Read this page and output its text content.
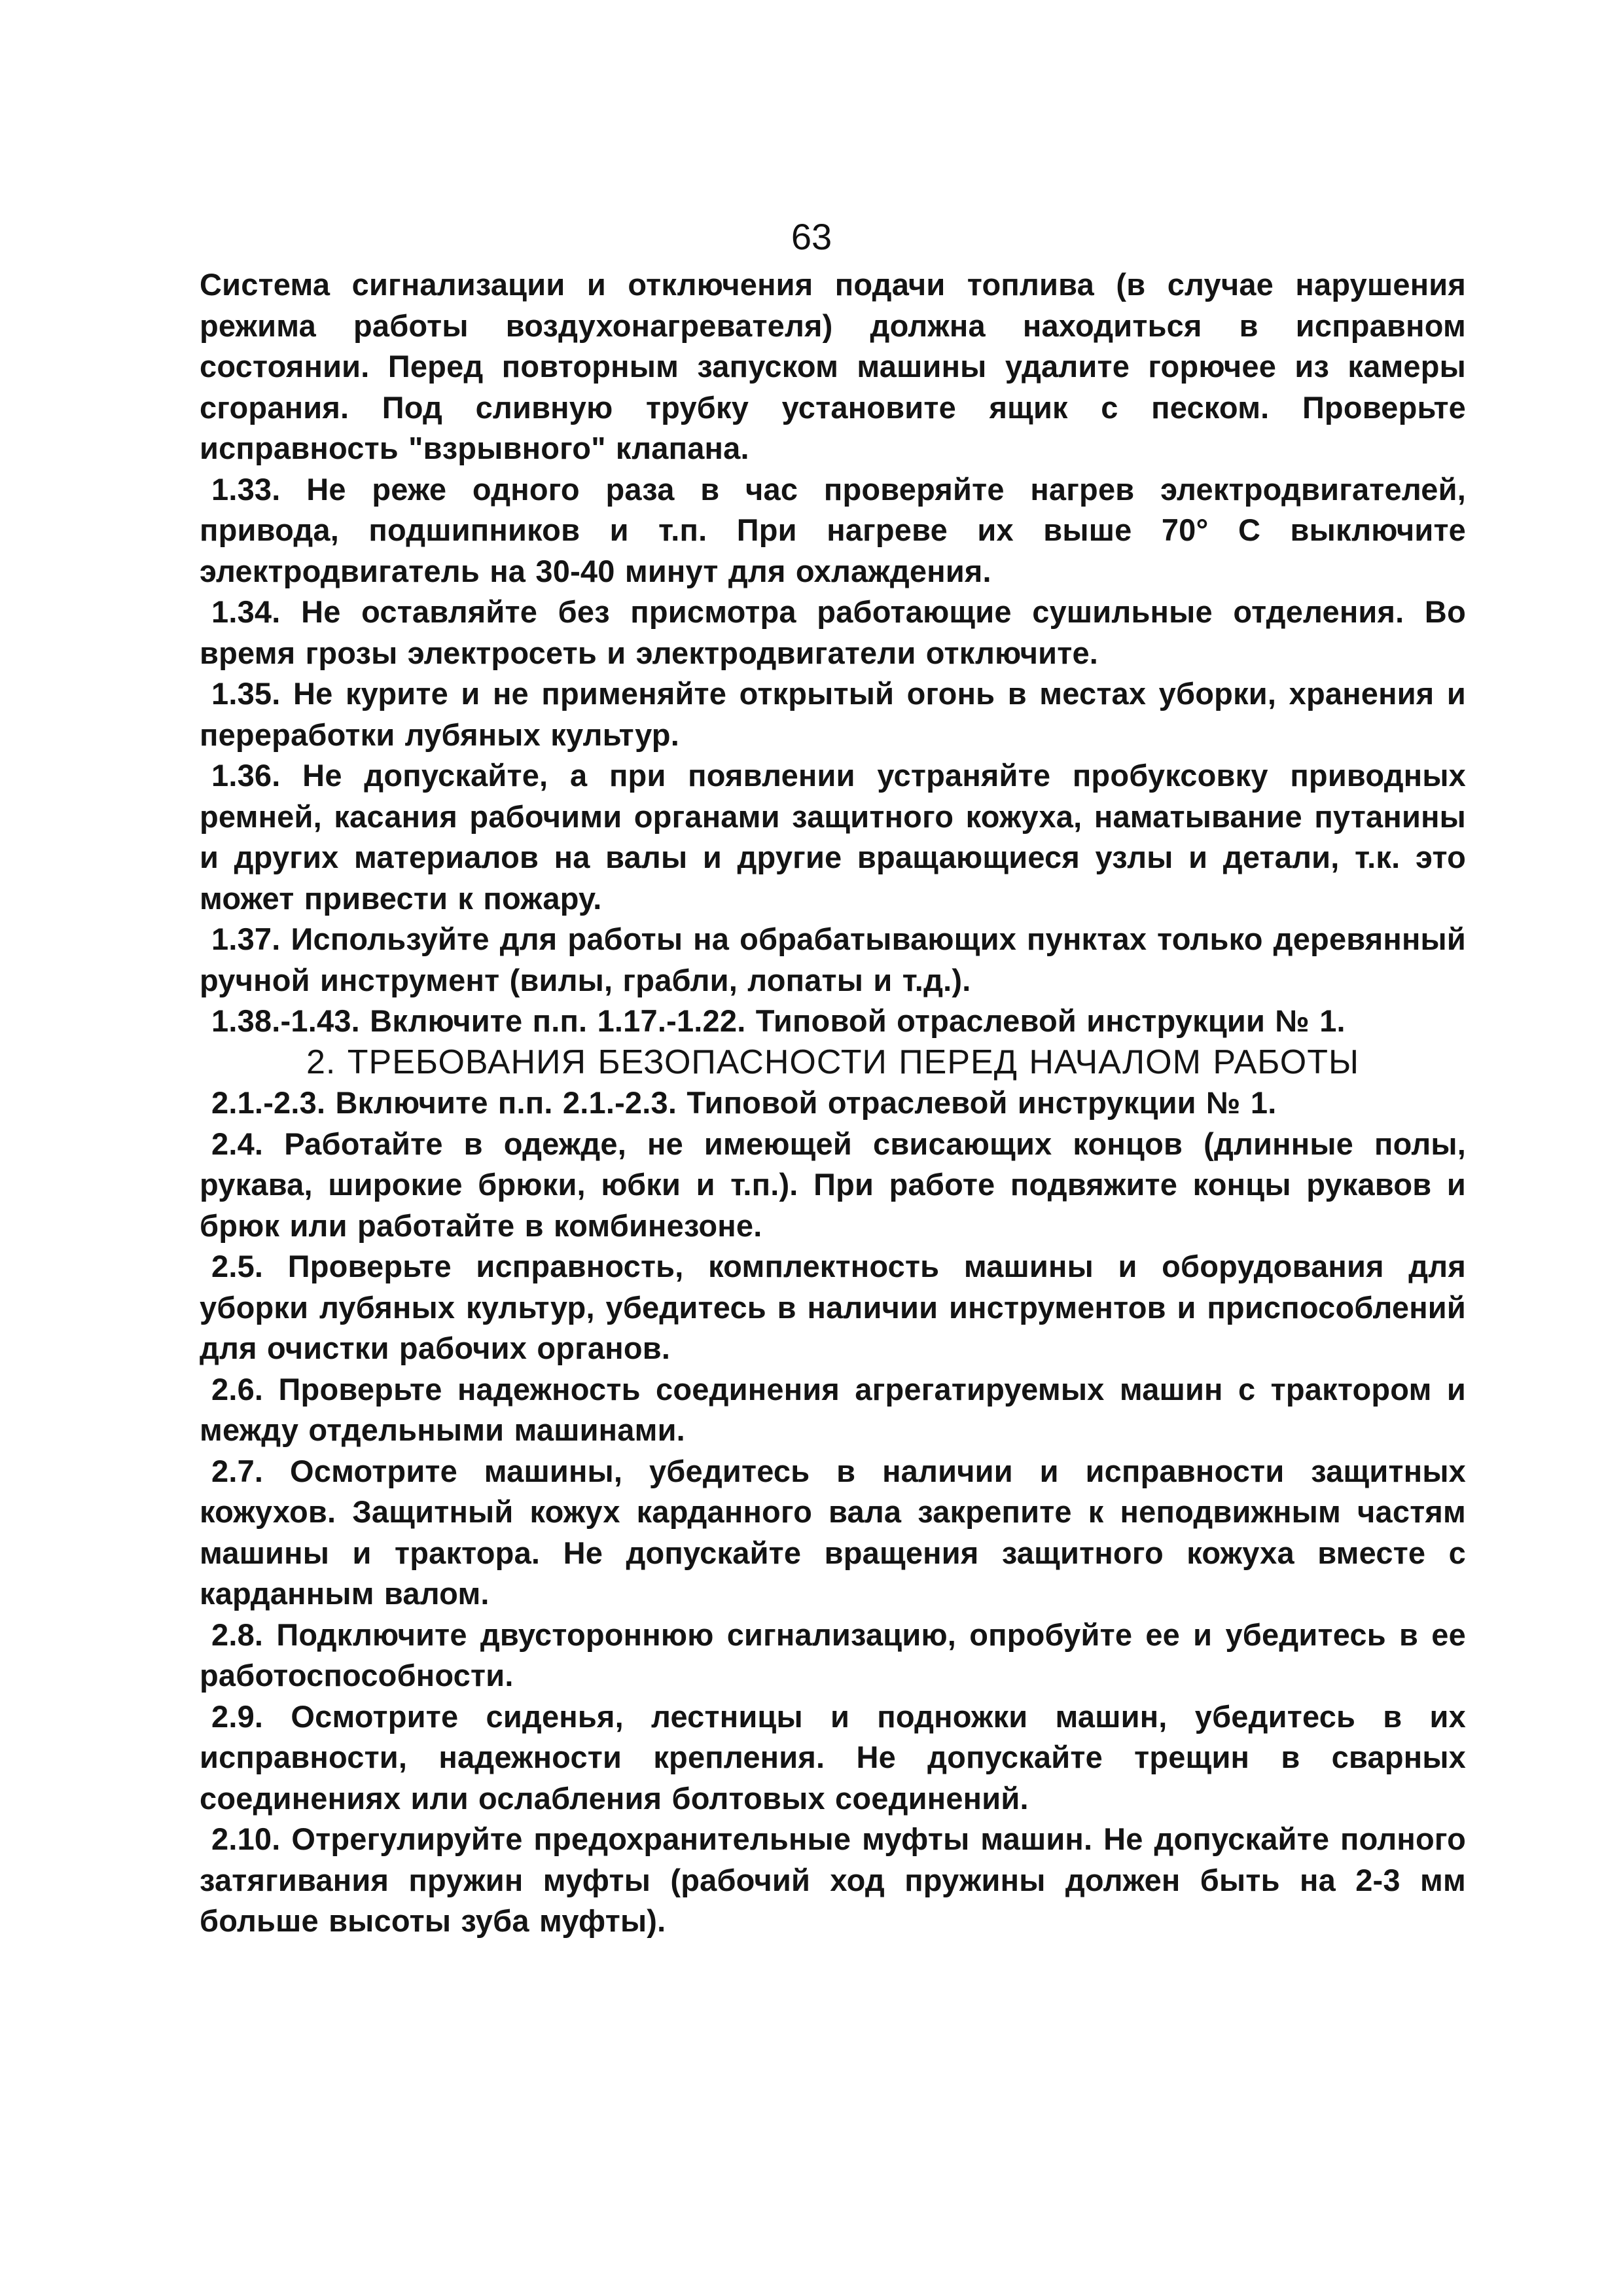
63

Система сигнализации и отключения подачи топлива (в случае нарушения режима работы воздухонагревателя) должна находиться в исправном состоянии. Перед повторным запуском машины удалите горючее из камеры сгорания. Под сливную трубку установите ящик с песком. Проверьте исправность "взрывного" клапана.

1.33. Не реже одного раза в час проверяйте нагрев электродвигателей, привода, подшипников и т.п. При нагреве их выше 70° С выключите электродвигатель на 30-40 минут для охлаждения.

1.34. Не оставляйте без присмотра работающие сушильные отделения. Во время грозы электросеть и электродвигатели отключите.

1.35. Не курите и не применяйте открытый огонь в местах уборки, хранения и переработки лубяных культур.

1.36. Не допускайте, а при появлении устраняйте пробуксовку приводных ремней, касания рабочими органами защитного кожуха, наматывание путанины и других материалов на валы и другие вращающиеся узлы и детали, т.к. это может привести к пожару.

1.37. Используйте для работы на обрабатывающих пунктах только деревянный ручной инструмент (вилы, грабли, лопаты и т.д.).

1.38.-1.43. Включите п.п. 1.17.-1.22. Типовой отраслевой инструкции № 1.

2. ТРЕБОВАНИЯ БЕЗОПАСНОСТИ ПЕРЕД НАЧАЛОМ РАБОТЫ

2.1.-2.3. Включите п.п. 2.1.-2.3. Типовой отраслевой инструкции № 1.

2.4. Работайте в одежде, не имеющей свисающих концов (длинные полы, рукава, широкие брюки, юбки и т.п.). При работе подвяжите концы рукавов и брюк или работайте в комбинезоне.

2.5. Проверьте исправность, комплектность машины и оборудования для уборки лубяных культур, убедитесь в наличии инструментов и приспособлений для очистки рабочих органов.

2.6. Проверьте надежность соединения агрегатируемых машин с трактором и между отдельными машинами.

2.7. Осмотрите машины, убедитесь в наличии и исправности защитных кожухов. Защитный кожух карданного вала закрепите к неподвижным частям машины и трактора. Не допускайте вращения защитного кожуха вместе с карданным валом.

2.8. Подключите двустороннюю сигнализацию, опробуйте ее и убедитесь в ее работоспособности.

2.9. Осмотрите сиденья, лестницы и подножки машин, убедитесь в их исправности, надежности крепления. Не допускайте трещин в сварных соединениях или ослабления болтовых соединений.

2.10. Отрегулируйте предохранительные муфты машин. Не допускайте полного затягивания пружин муфты (рабочий ход пружины должен быть на 2-3 мм больше высоты зуба муфты).
